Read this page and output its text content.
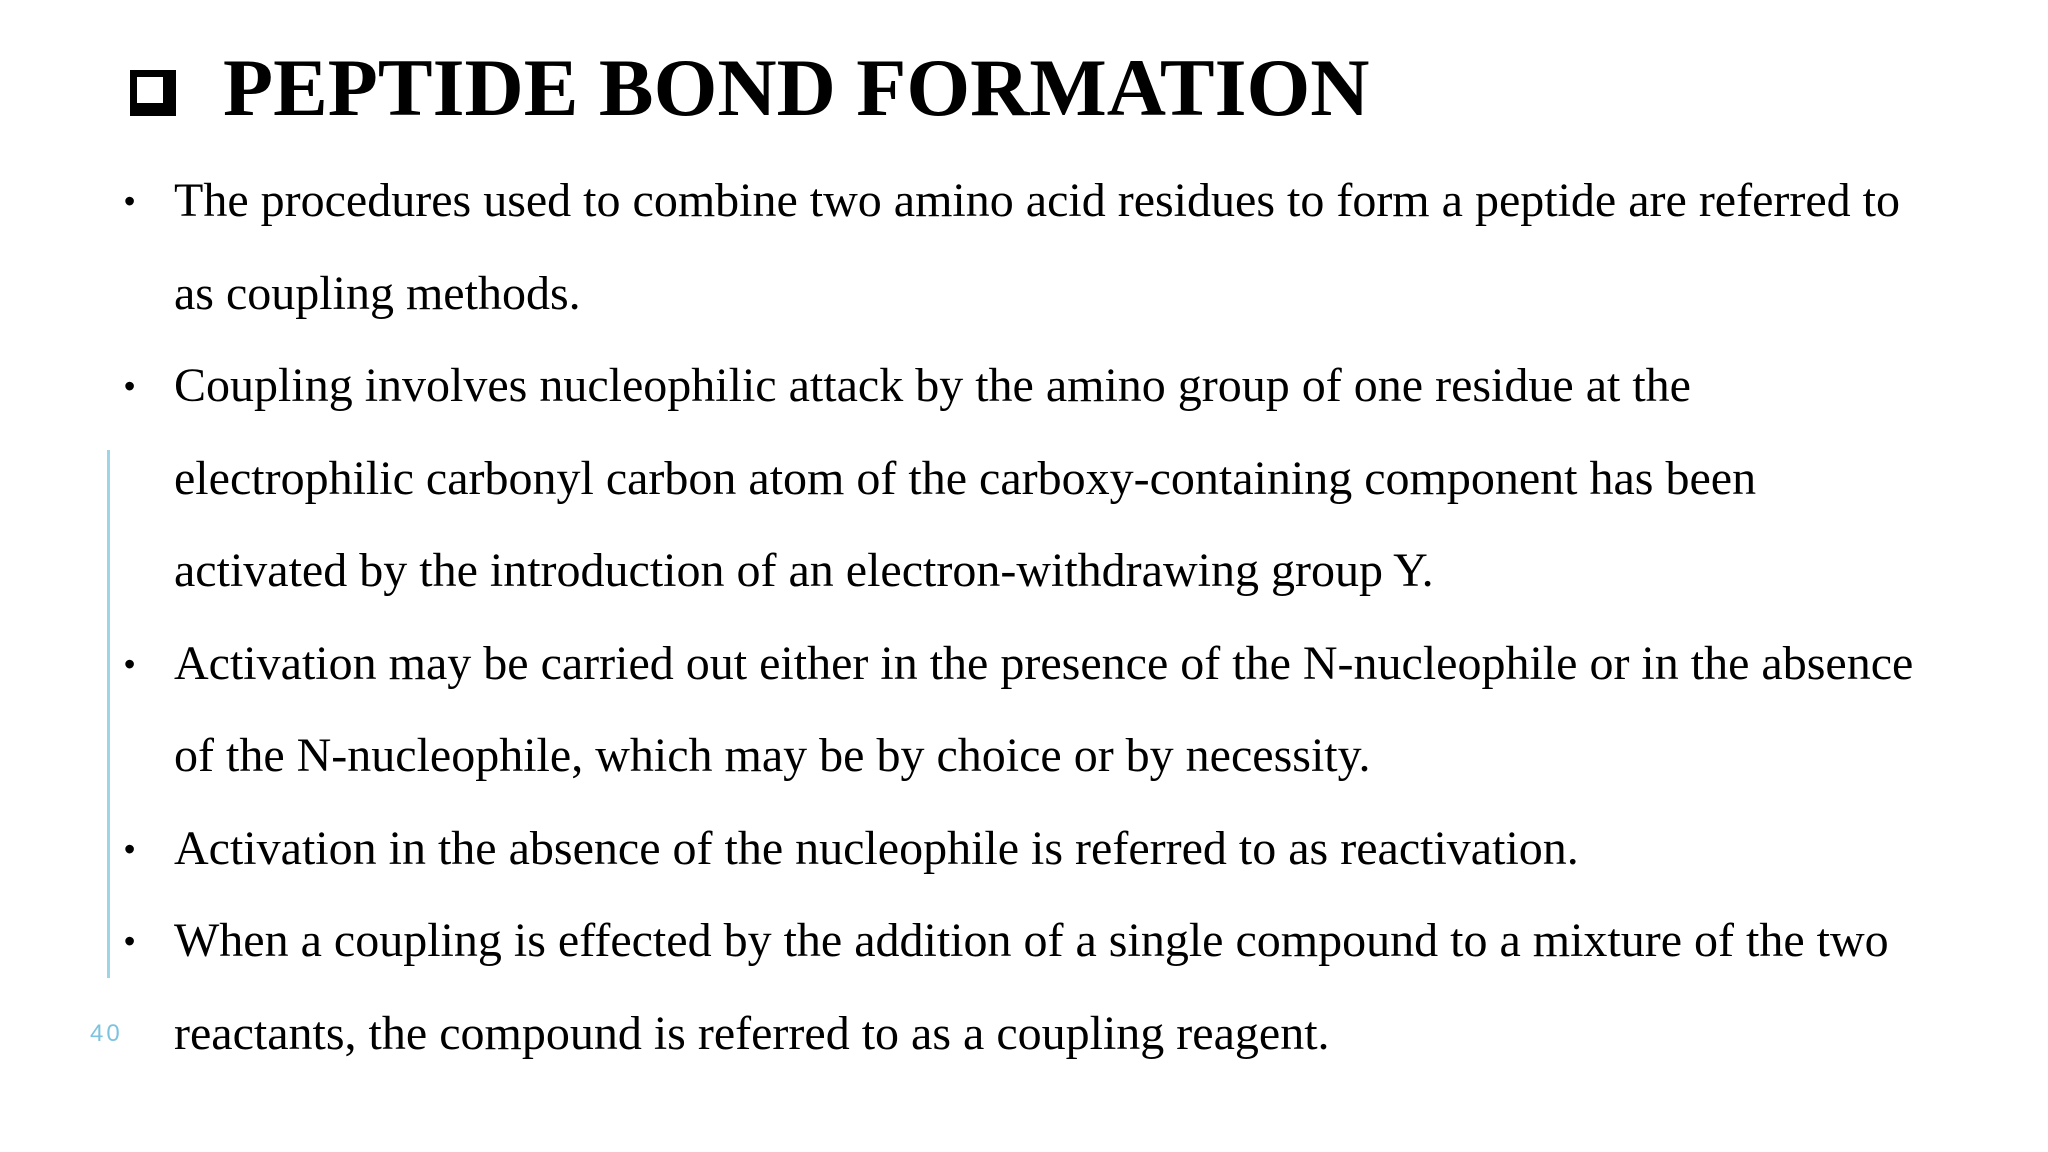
PEPTIDE BOND FORMATION
40
• The procedures used to combine two amino acid residues to form a peptide are referred to
as coupling methods.
• Coupling involves nucleophilic attack by the amino group of one residue at the
electrophilic carbonyl carbon atom of the carboxy-containing component has been
activated by the introduction of an electron-withdrawing group Y.
• Activation may be carried out either in the presence of the N-nucleophile or in the absence
of the N-nucleophile, which may be by choice or by necessity.
• Activation in the absence of the nucleophile is referred to as reactivation.
• When a coupling is effected by the addition of a single compound to a mixture of the two
reactants, the compound is referred to as a coupling reagent.
